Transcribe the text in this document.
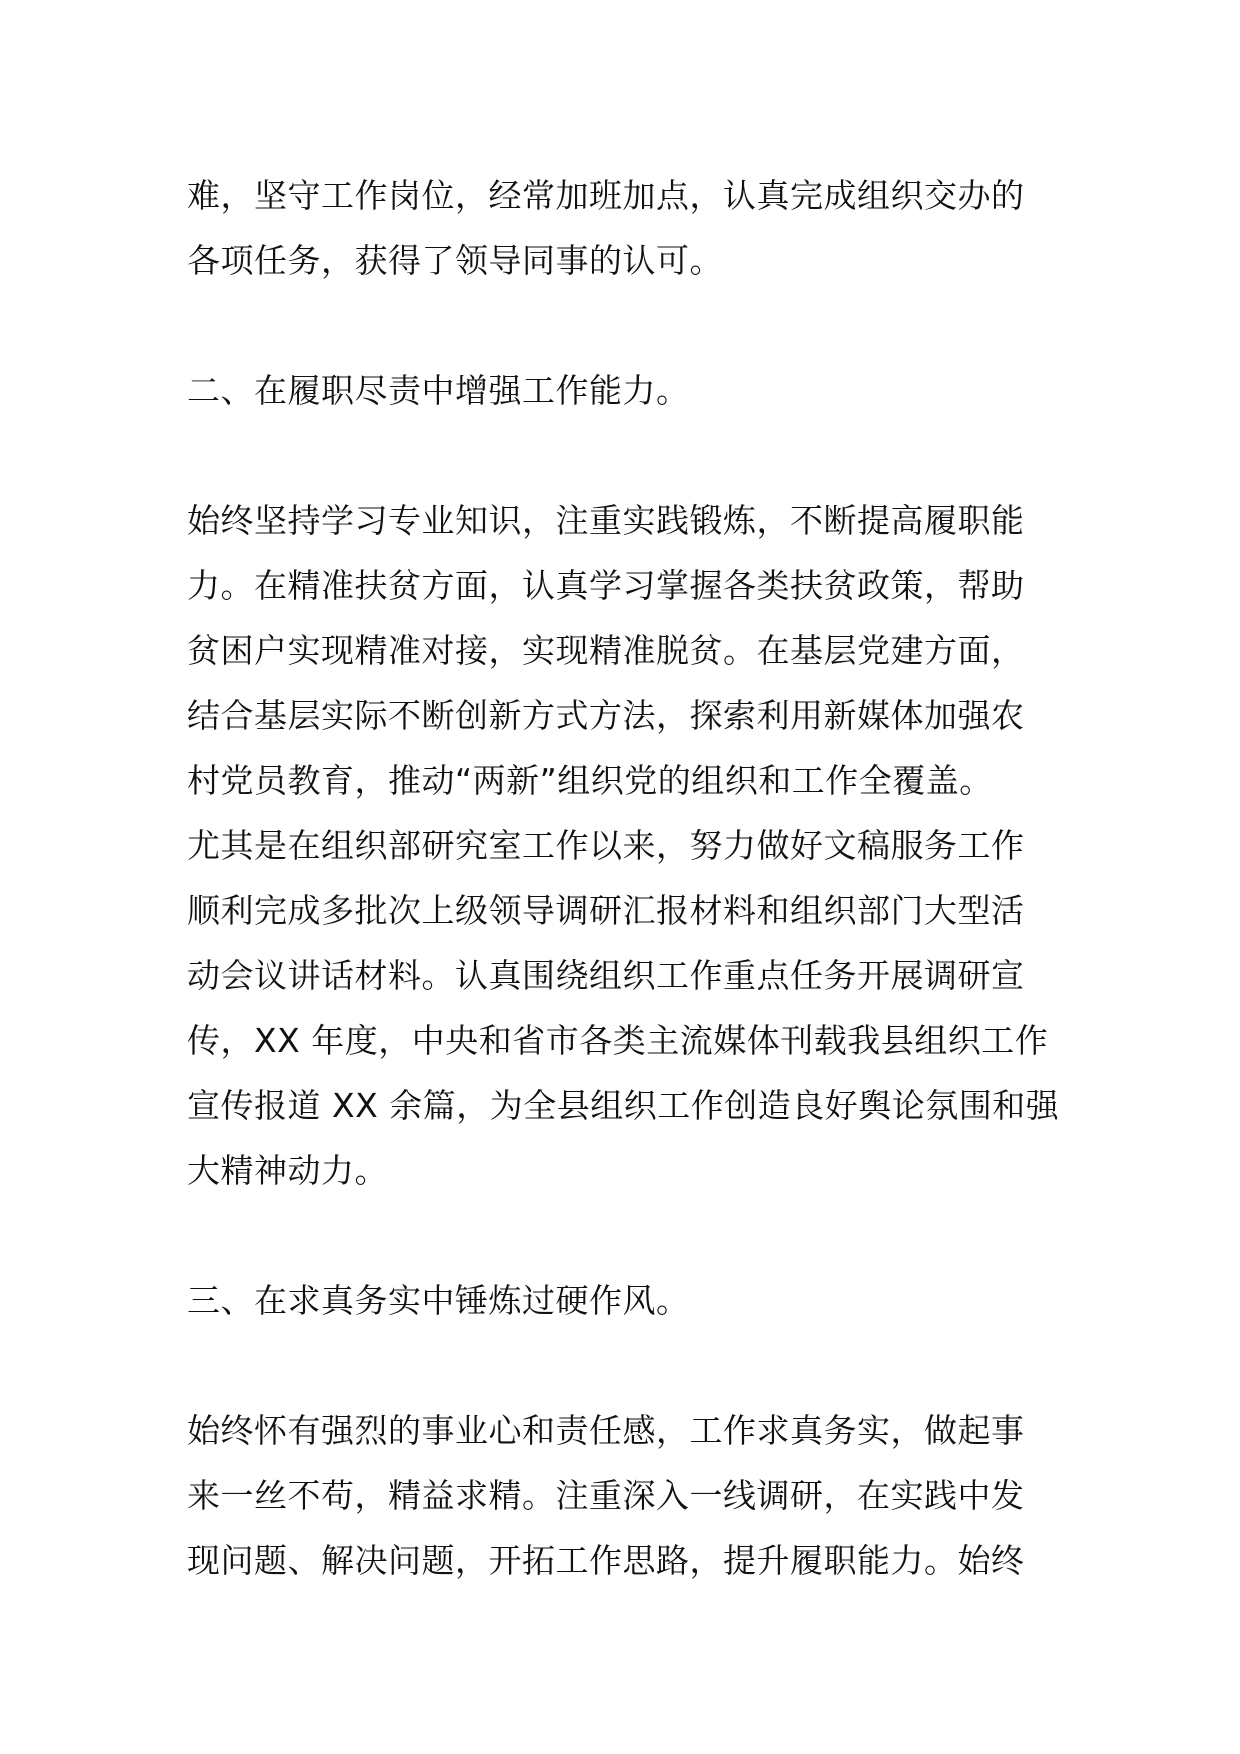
难，坚守工作岗位，经常加班加点，认真完成组织交办的
各项任务，获得了领导同事的认可。
二、在履职尽责中增强工作能力。
始终坚持学习专业知识，注重实践锻炼，不断提高履职能
力。在精准扶贫方面，认真学习掌握各类扶贫政策，帮助
贫困户实现精准对接，实现精准脱贫。在基层党建方面，
结合基层实际不断创新方式方法，探索利用新媒体加强农
村党员教育，推动“两新”组织党的组织和工作全覆盖。
尤其是在组织部研究室工作以来，努力做好文稿服务工作
顺利完成多批次上级领导调研汇报材料和组织部门大型活
动会议讲话材料。认真围绕组织工作重点任务开展调研宣
传，XX 年度，中央和省市各类主流媒体刊载我县组织工作
宣传报道 XX 余篇，为全县组织工作创造良好舆论氛围和强
大精神动力。
三、在求真务实中锤炼过硬作风。
始终怀有强烈的事业心和责任感，工作求真务实，做起事
来一丝不苟，精益求精。注重深入一线调研，在实践中发
现问题、解决问题，开拓工作思路，提升履职能力。始终
